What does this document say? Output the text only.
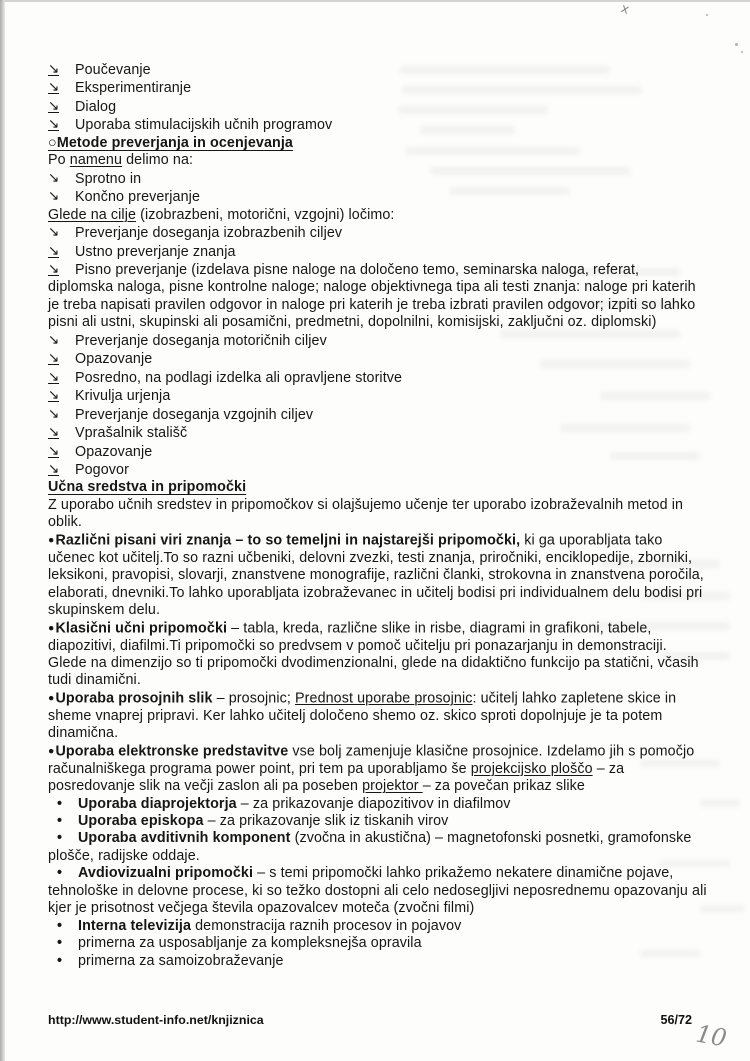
x
↘ Poučevanje
↘ Eksperimentiranje
↘ Dialog
↘ Uporaba stimulacijskih učnih programov
○Metode preverjanja in ocenjevanja
Po namenu delimo na:
↘ Sprotno in
↘ Končno preverjanje
Glede na cilje (izobrazbeni, motorični, vzgojni) ločimo:
↘ Preverjanje doseganja izobrazbenih ciljev
↘ Ustno preverjanje znanja
↘ Pisno preverjanje (izdelava pisne naloge na določeno temo, seminarska naloga, referat, diplomska naloga, pisne kontrolne naloge; naloge objektivnega tipa ali testi znanja: naloge pri katerih je treba napisati pravilen odgovor in naloge pri katerih je treba izbrati pravilen odgovor; izpiti so lahko pisni ali ustni, skupinski ali posamični, predmetni, dopolnilni, komisijski, zaključni oz. diplomski)
↘ Preverjanje doseganja motoričnih ciljev
↘ Opazovanje
↘ Posredno, na podlagi izdelka ali opravljene storitve
↘ Krivulja urjenja
↘ Preverjanje doseganja vzgojnih ciljev
↘ Vprašalnik stališč
↘ Opazovanje
↘ Pogovor
Učna sredstva in pripomočki
Z uporabo učnih sredstev in pripomočkov si olajšujemo učenje ter uporabo izobraževalnih metod in oblik.
●Različni pisani viri znanja – to so temeljni in najstarejši pripomočki, ki ga uporabljata tako učenec kot učitelj.To so razni učbeniki, delovni zvezki, testi znanja, priročniki, enciklopedije, zborniki, leksikoni, pravopisi, slovarji, znanstvene monografije, različni članki, strokovna in znanstvena poročila, elaborati, dnevniki.To lahko uporabljata izobraževanec in učitelj bodisi pri individualnem delu bodisi pri skupinskem delu.
●Klasični učni pripomočki – tabla, kreda, različne slike in risbe, diagrami in grafikoni, tabele, diapozitivi, diafilmi.Ti pripomočki so predvsem v pomoč učitelju pri ponazarjanju in demonstraciji. Glede na dimenzijo so ti pripomočki dvodimenzionalni, glede na didaktično funkcijo pa statični, včasih tudi dinamični.
●Uporaba prosojnih slik – prosojnic; Prednost uporabe prosojnic: učitelj lahko zapletene skice in sheme vnaprej pripravi. Ker lahko učitelj določeno shemo oz. skico sproti dopolnjuje je ta potem dinamična.
●Uporaba elektronske predstavitve vse bolj zamenjuje klasične prosojnice. Izdelamo jih s pomočjo računalniškega programa power point, pri tem pa uporabljamo še projekcijsko ploščo – za posredovanje slik na večji zaslon ali pa poseben projektor – za povečan prikaz slike
• Uporaba diaprojektorja – za prikazovanje diapozitivov in diafilmov
• Uporaba episkopa – za prikazovanje slik iz tiskanih virov
• Uporaba avditivnih komponent (zvočna in akustična) – magnetofonski posnetki, gramofonske plošče, radijske oddaje.
• Avdiovizualni pripomočki – s temi pripomočki lahko prikažemo nekatere dinamične pojave, tehnološke in delovne procese, ki so težko dostopni ali celo nedosegljivi neposrednemu opazovanju ali kjer je prisotnost večjega števila opazovalcev moteča (zvočni filmi)
• Interna televizija demonstracija raznih procesov in pojavov
• primerna za usposabljanje za kompleksnejša opravila
• primerna za samoizobraževanje
http://www.student-info.net/knjiznica	56/72 10
